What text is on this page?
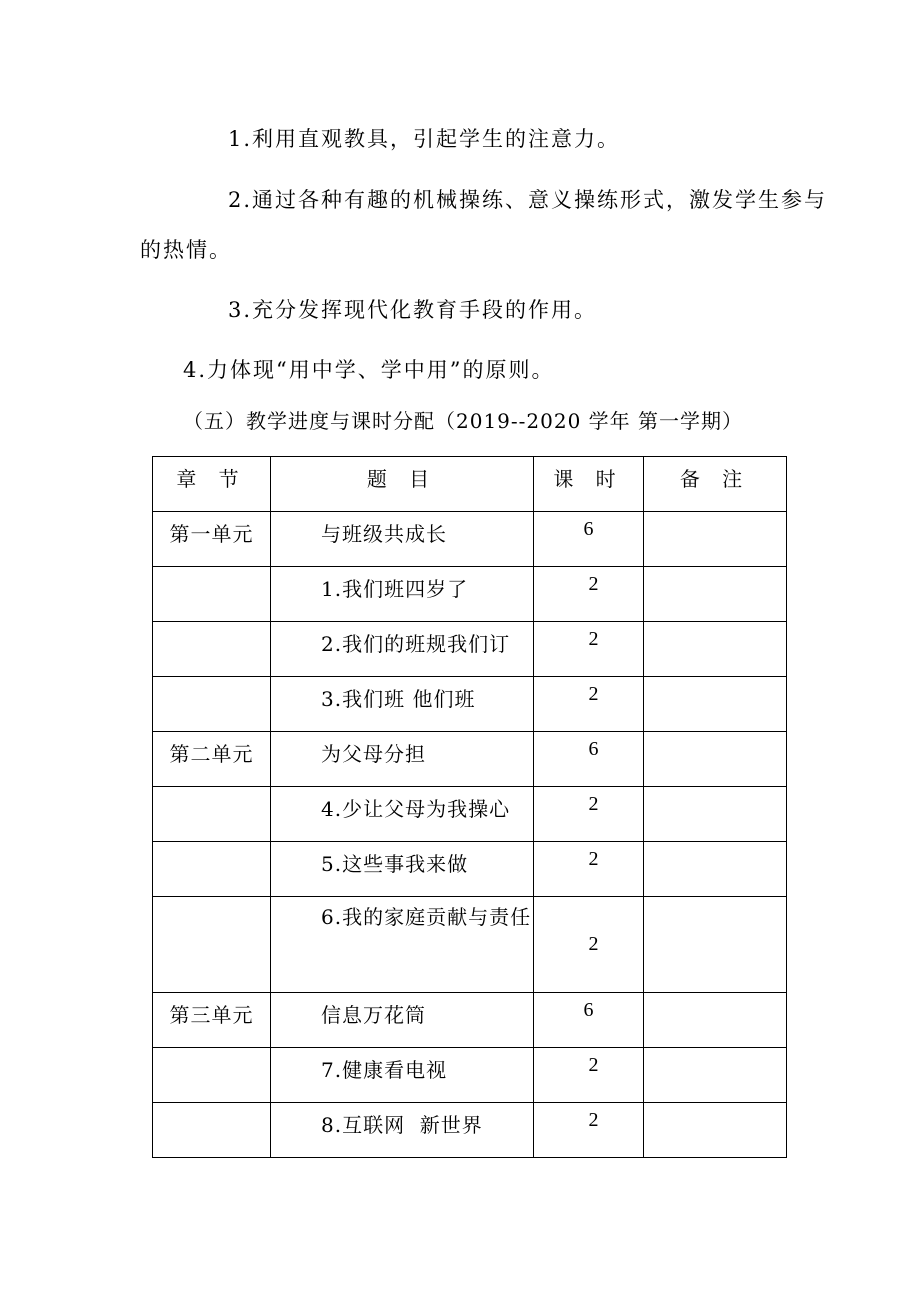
1.利用直观教具，引起学生的注意力。
2.通过各种有趣的机械操练、意义操练形式，激发学生参与
的热情。
3.充分发挥现代化教育手段的作用。
4.力体现“用中学、学中用”的原则。
（五）教学进度与课时分配（2019--2020 学年 第一学期）
章 节	题 目	课 时	备 注
第一单元	与班级共成长	6	
	1.我们班四岁了	2	
	2.我们的班规我们订	2	
	3.我们班 他们班	2	
第二单元	为父母分担	6	
	4.少让父母为我操心	2	
	5.这些事我来做	2	
	6.我的家庭贡献与责任	2	
第三单元	信息万花筒	6	
	7.健康看电视	2	
	8.互联网  新世界	2	
